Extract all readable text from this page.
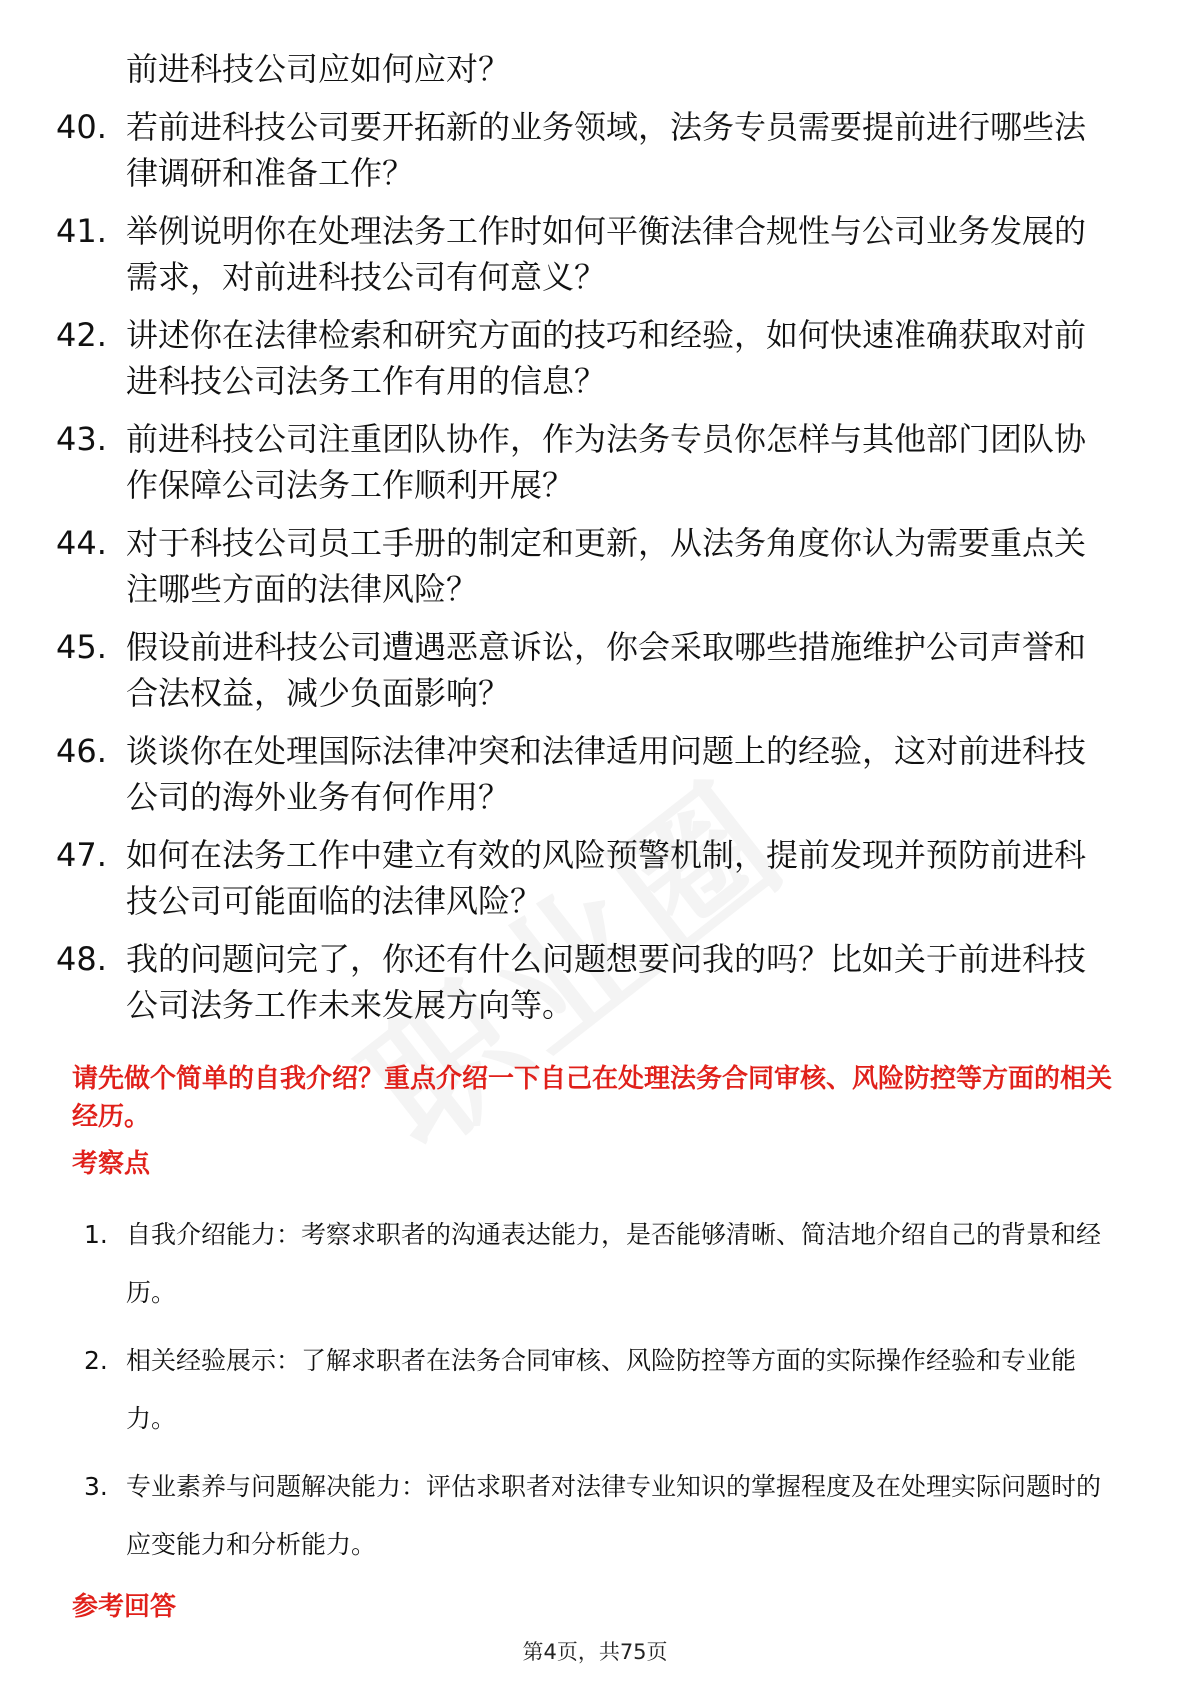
前进科技公司应如何应对？
40. 若前进科技公司要开拓新的业务领域，法务专员需要提前进行哪些法律调研和准备工作？
41. 举例说明你在处理法务工作时如何平衡法律合规性与公司业务发展的需求，对前进科技公司有何意义？
42. 讲述你在法律检索和研究方面的技巧和经验，如何快速准确获取对前进科技公司法务工作有用的信息？
43. 前进科技公司注重团队协作，作为法务专员你怎样与其他部门团队协作保障公司法务工作顺利开展？
44. 对于科技公司员工手册的制定和更新，从法务角度你认为需要重点关注哪些方面的法律风险？
45. 假设前进科技公司遭遇恶意诉讼，你会采取哪些措施维护公司声誉和合法权益，减少负面影响？
46. 谈谈你在处理国际法律冲突和法律适用问题上的经验，这对前进科技公司的海外业务有何作用？
47. 如何在法务工作中建立有效的风险预警机制，提前发现并预防前进科技公司可能面临的法律风险？
48. 我的问题问完了，你还有什么问题想要问我的吗？比如关于前进科技公司法务工作未来发展方向等。
请先做个简单的自我介绍？重点介绍一下自己在处理法务合同审核、风险防控等方面的相关经历。
考察点
1. 自我介绍能力：考察求职者的沟通表达能力，是否能够清晰、简洁地介绍自己的背景和经历。
2. 相关经验展示：了解求职者在法务合同审核、风险防控等方面的实际操作经验和专业能力。
3. 专业素养与问题解决能力：评估求职者对法律专业知识的掌握程度及在处理实际问题时的应变能力和分析能力。
参考回答
第4页，共75页
